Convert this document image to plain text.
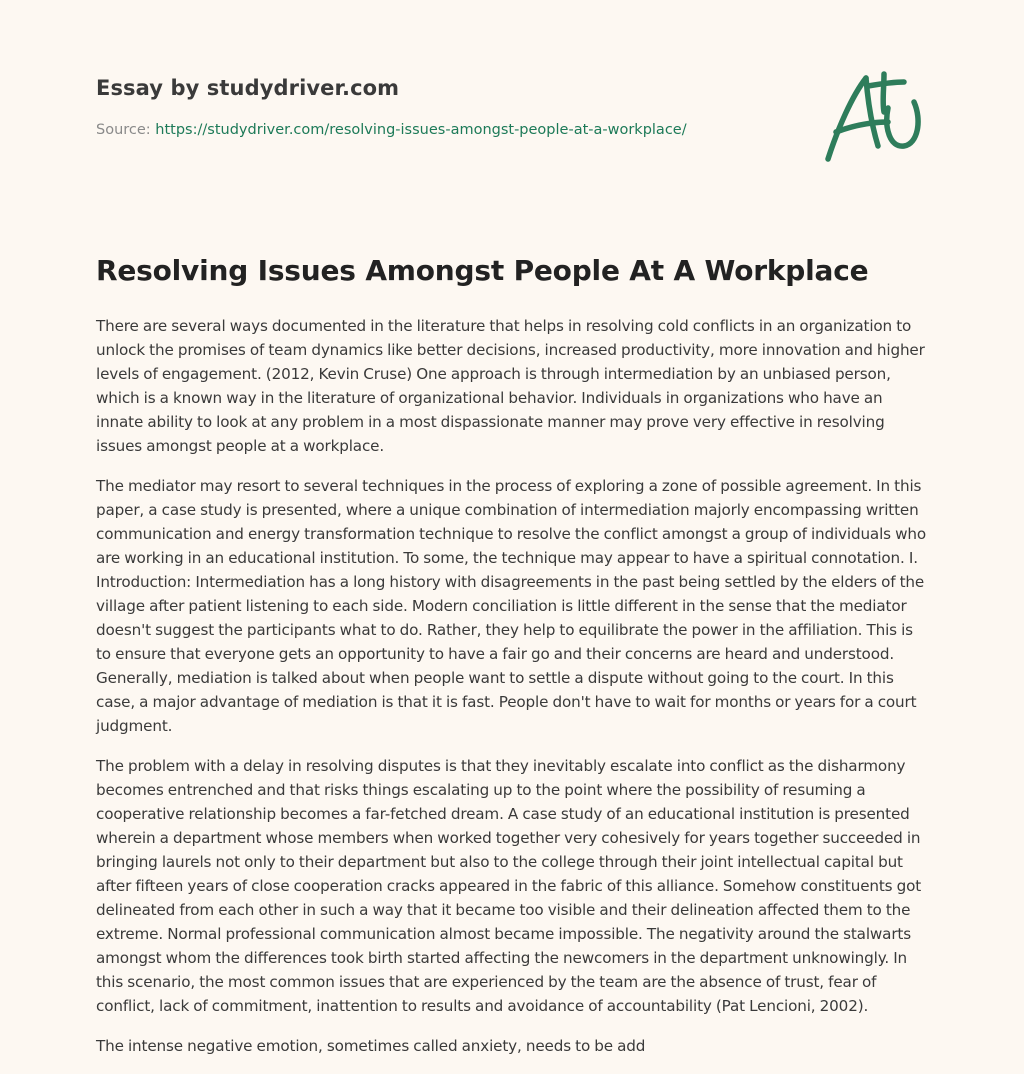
Essay by studydriver.com
Source: https://studydriver.com/resolving-issues-amongst-people-at-a-workplace/
Resolving Issues Amongst People At A Workplace

There are several ways documented in the literature that helps in resolving cold conflicts in an organization to unlock the promises of team dynamics like better decisions, increased productivity, more innovation and higher levels of engagement. (2012, Kevin Cruse) One approach is through intermediation by an unbiased person, which is a known way in the literature of organizational behavior. Individuals in organizations who have an innate ability to look at any problem in a most dispassionate manner may prove very effective in resolving issues amongst people at a workplace.

The mediator may resort to several techniques in the process of exploring a zone of possible agreement. In this paper, a case study is presented, where a unique combination of intermediation majorly encompassing written communication and energy transformation technique to resolve the conflict amongst a group of individuals who are working in an educational institution. To some, the technique may appear to have a spiritual connotation. I. Introduction: Intermediation has a long history with disagreements in the past being settled by the elders of the village after patient listening to each side. Modern conciliation is little different in the sense that the mediator doesn't suggest the participants what to do. Rather, they help to equilibrate the power in the affiliation. This is to ensure that everyone gets an opportunity to have a fair go and their concerns are heard and understood. Generally, mediation is talked about when people want to settle a dispute without going to the court. In this case, a major advantage of mediation is that it is fast. People don't have to wait for months or years for a court judgment.

The problem with a delay in resolving disputes is that they inevitably escalate into conflict as the disharmony becomes entrenched and that risks things escalating up to the point where the possibility of resuming a cooperative relationship becomes a far-fetched dream. A case study of an educational institution is presented wherein a department whose members when worked together very cohesively for years together succeeded in bringing laurels not only to their department but also to the college through their joint intellectual capital but after fifteen years of close cooperation cracks appeared in the fabric of this alliance. Somehow constituents got delineated from each other in such a way that it became too visible and their delineation affected them to the extreme. Normal professional communication almost became impossible. The negativity around the stalwarts amongst whom the differences took birth started affecting the newcomers in the department unknowingly. In this scenario, the most common issues that are experienced by the team are the absence of trust, fear of conflict, lack of commitment, inattention to results and avoidance of accountability (Pat Lencioni, 2002).

The intense negative emotion, sometimes called anxiety, needs to be add
